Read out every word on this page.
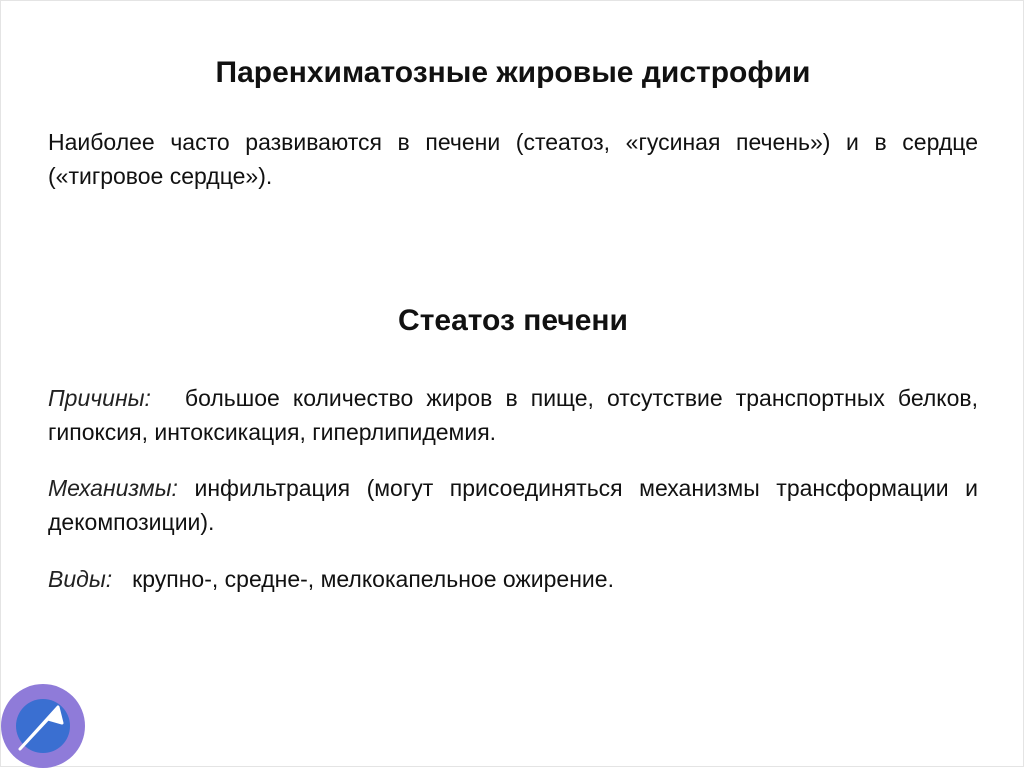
Паренхиматозные жировые дистрофии

Наиболее часто развиваются в печени (стеатоз, «гусиная печень») и в сердце («тигровое сердце»).

Стеатоз печени

Причины: большое количество жиров в пище, отсутствие транспортных белков, гипоксия, интоксикация, гиперлипидемия.

Механизмы: инфильтрация (могут присоединяться механизмы трансформации и декомпозиции).

Виды: крупно-, средне-, мелкокапельное ожирение.
